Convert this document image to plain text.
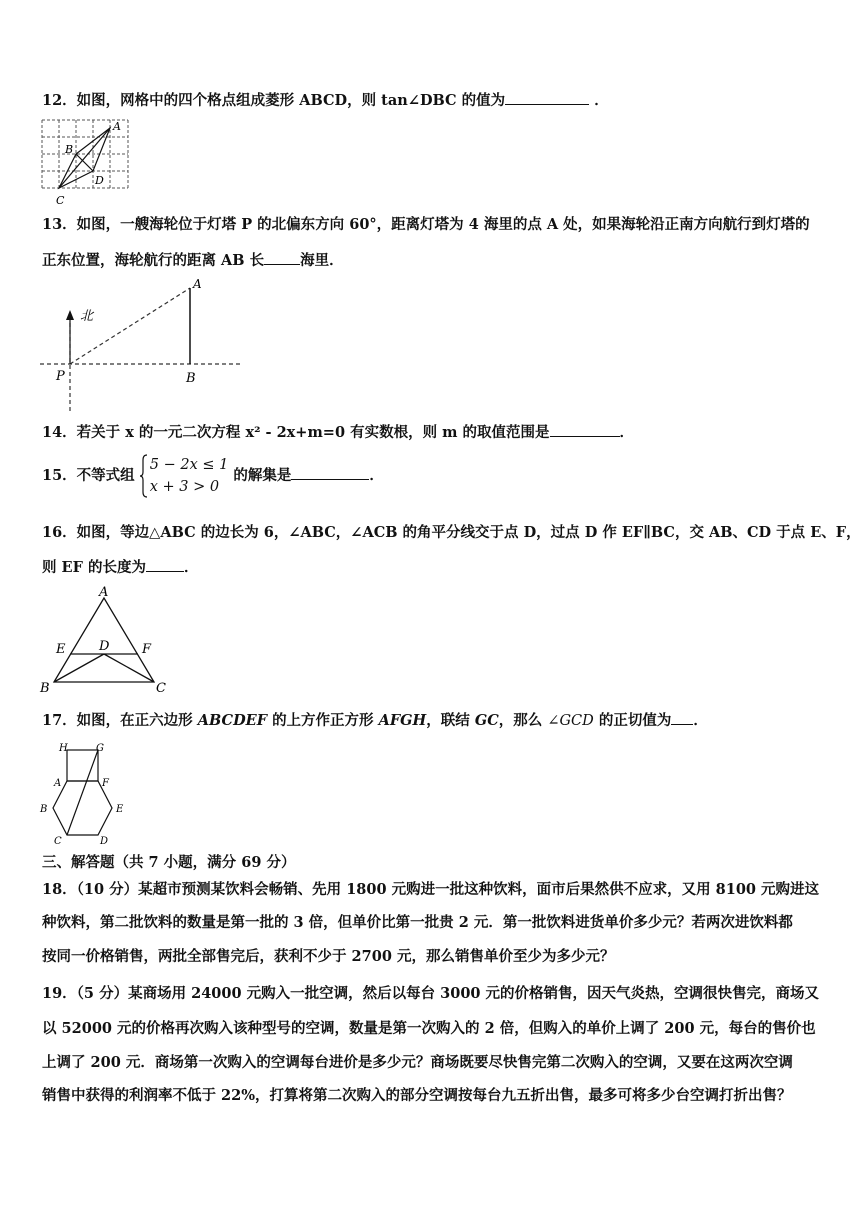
12．如图，网格中的四个格点组成菱形 ABCD，则 tan∠DBC 的值为	．
A
B
C
D
13．如图，一艘海轮位于灯塔 P 的北偏东方向 60°，距离灯塔为 4 海里的点 A 处，如果海轮沿正南方向航行到灯塔的
正东位置，海轮航行的距离 AB 长 海里．
北
A
P	B
14．若关于 x 的一元二次方程 x² - 2x+m=0 有实数根，则 m 的取值范围是	．
15．不等式组
5 − 2x ≤ 1
x + 3 > 0
的解集是	．
16．如图，等边△ABC 的边长为 6，∠ABC，∠ACB 的角平分线交于点 D，过点 D 作 EF∥BC，交 AB、CD 于点 E、F，
则 EF 的长度为	．
A
B	C
D
E	F
17．如图，在正六边形 ABCDEF 的上方作正方形 AFGH，联结 GC，那么 ∠GCD 的正切值为 ．
H	G
A	F
B	E
C	D
三、解答题（共 7 小题，满分 69 分）
18．（10 分）某超市预测某饮料会畅销、先用 1800 元购进一批这种饮料，面市后果然供不应求，又用 8100 元购进这
种饮料，第二批饮料的数量是第一批的 3 倍，但单价比第一批贵 2 元．第一批饮料进货单价多少元？若两次进饮料都
按同一价格销售，两批全部售完后，获利不少于 2700 元，那么销售单价至少为多少元？
19．（5 分）某商场用 24000 元购入一批空调，然后以每台 3000 元的价格销售，因天气炎热，空调很快售完，商场又
以 52000 元的价格再次购入该种型号的空调，数量是第一次购入的 2 倍，但购入的单价上调了 200 元，每台的售价也
上调了 200 元．商场第一次购入的空调每台进价是多少元？商场既要尽快售完第二次购入的空调，又要在这两次空调
销售中获得的利润率不低于 22%，打算将第二次购入的部分空调按每台九五折出售，最多可将多少台空调打折出售？
